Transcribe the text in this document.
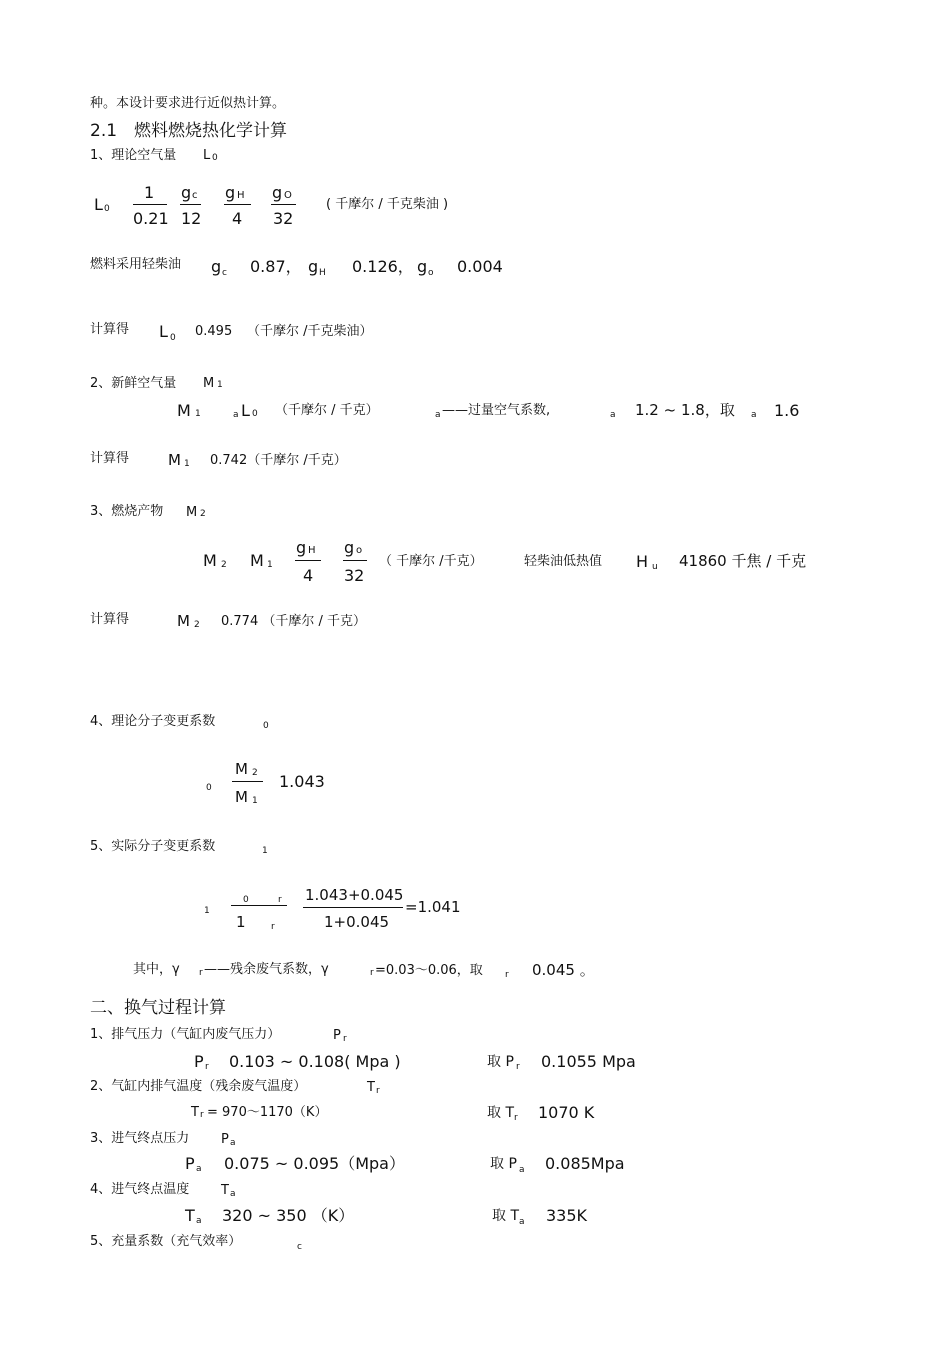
种。本设计要求进行近似热计算。
2.1　燃料燃烧热化学计算
1、理论空气量 L 0
L 0
1
0.21
g c
12
g H
4
g O
32
( 千摩尔 / 千克柴油 )
燃料采用轻柴油 g c 0.87， g H 0.126， g o 0.004
计算得 L 0 0.495 （千摩尔 /千克柴油）
2、新鲜空气量 M 1
M 1	a L 0 （千摩尔 / 千克）	a ——过量空气系数,	a 1.2 ~ 1.8，取 a 1.6
计算得	M 1 0.742（千摩尔 /千克）
3、燃烧产物 M 2
M 2 M 1
g H
4
g o
32
（ 千摩尔 /千克）	轻柴油低热值 H u 41860 千焦 / 千克
计算得	M 2 0.774 （千摩尔 / 千克）
4、理论分子变更系数	0
0
M 2
M 1
1.043
5、实际分子变更系数	1
1
0	r
1	r
1.043+0.045
1+0.045
=1.041
其中，γ r ——残余废气系数，γ	r =0.03～0.06，取 r 0.045 。
二、换气过程计算
1、排气压力（气缸内废气压力）	P r
P r 0.103 ~ 0.108( Mpa )	取 P r 0.1055 Mpa
2、气缸内排气温度（残余废气温度）	T r
T r = 970～1170（K）	取 T r 1070 K
3、进气终点压力 P a
P a 0.075 ~ 0.095（Mpa）	取 P a 0.085Mpa
4、进气终点温度 T a
T a 320 ~ 350 （K）	取 T a 335K
5、充量系数（充气效率）	c
